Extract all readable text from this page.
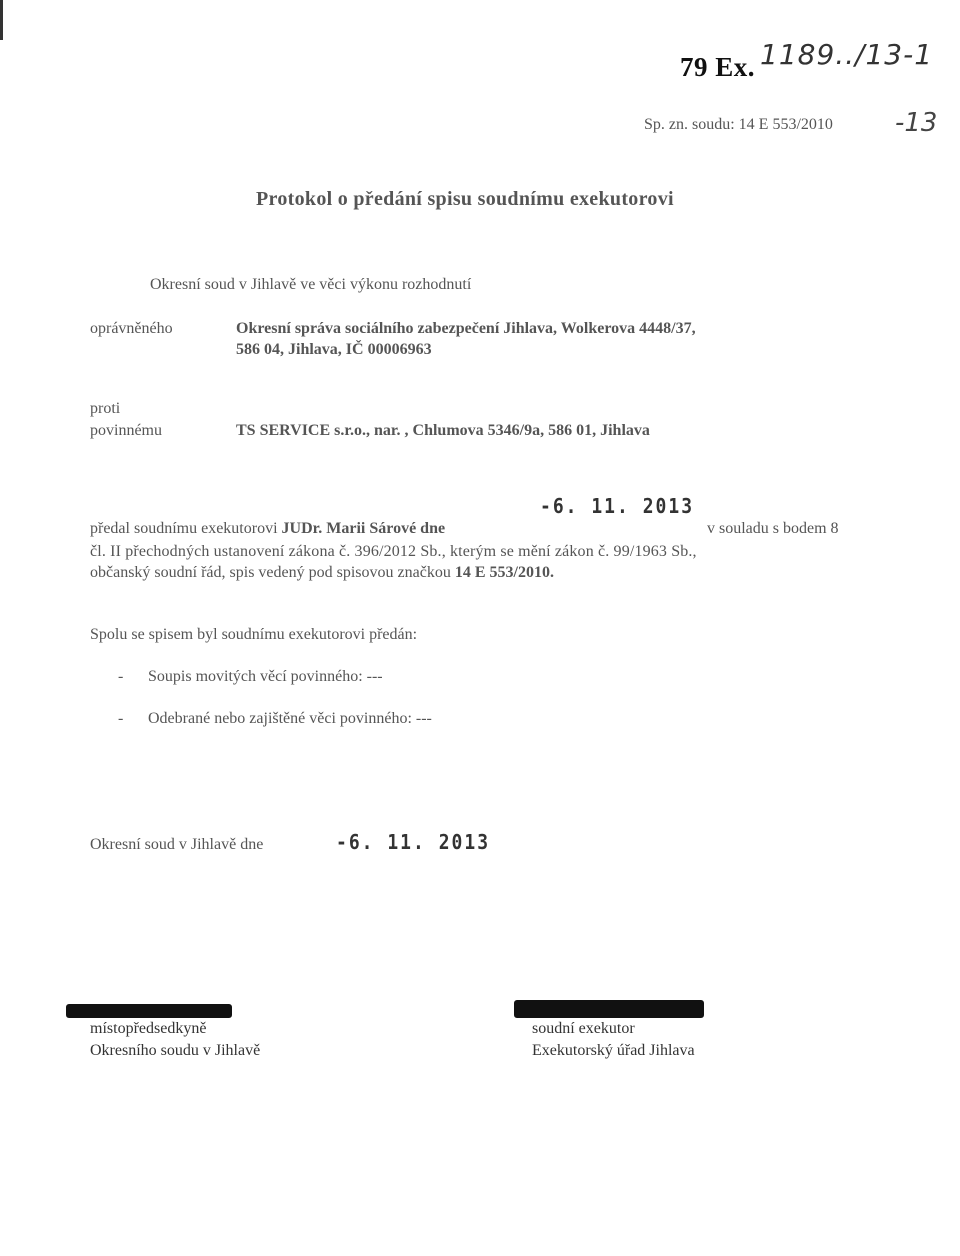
79 Ex. 1189../13-1
Sp. zn. soudu: 14 E 553/2010 -13
Protokol o předání spisu soudnímu exekutorovi
Okresní soud v Jihlavě ve věci výkonu rozhodnutí
oprávněného	Okresní správa sociálního zabezpečení Jihlava, Wolkerova 4448/37,
586 04, Jihlava, IČ 00006963
proti
povinnému	TS SERVICE s.r.o., nar. , Chlumova 5346/9a, 586 01, Jihlava
-6. 11. 2013
předal soudnímu exekutorovi JUDr. Marii Sárové dne	v souladu s bodem 8
čl. II přechodných ustanovení zákona č. 396/2012 Sb., kterým se mění zákon č. 99/1963 Sb.,
občanský soudní řád, spis vedený pod spisovou značkou 14 E 553/2010.
Spolu se spisem byl soudnímu exekutorovi předán:
- Soupis movitých věcí povinného: ---
- Odebrané nebo zajištěné věci povinného: ---
Okresní soud v Jihlavě dne	-6. 11. 2013
místopředsedkyně
Okresního soudu v Jihlavě
soudní exekutor
Exekutorský úřad Jihlava
